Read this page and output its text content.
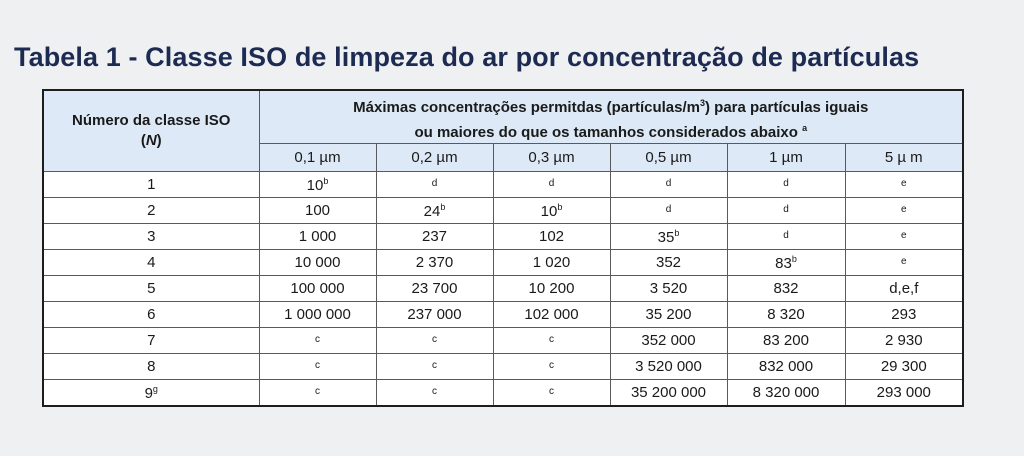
Tabela 1 - Classe ISO de limpeza do ar por concentração de partículas
Número da classe ISO
(N)	Máximas concentrações permitdas $(partículas/m^3)$ para partículas iguais
ou maiores do que os tamanhos considerados abaixo $^a$
	0,1 µm	0,2 µm	0,3 µm	0,5 µm	1 µm	5 µ m
1	10$^b$	$^d$	$^d$	$^d$	$^d$	$^e$
2	100	24$^b$	10$^b$	$^d$	$^d$	$^e$
3	1 000	237	102	35$^b$	$^d$	$^e$
4	10 000	2 370	1 020	352	83$^b$	$^e$
5	100 000	23 700	10 200	3 520	832	d,e,f
6	1 000 000	237 000	102 000	35 200	8 320	293
7	$^c$	$^c$	$^c$	352 000	83 200	2 930
8	$^c$	$^c$	$^c$	3 520 000	832 000	29 300
9$^g$	$^c$	$^c$	$^c$	35 200 000	8 320 000	293 000
